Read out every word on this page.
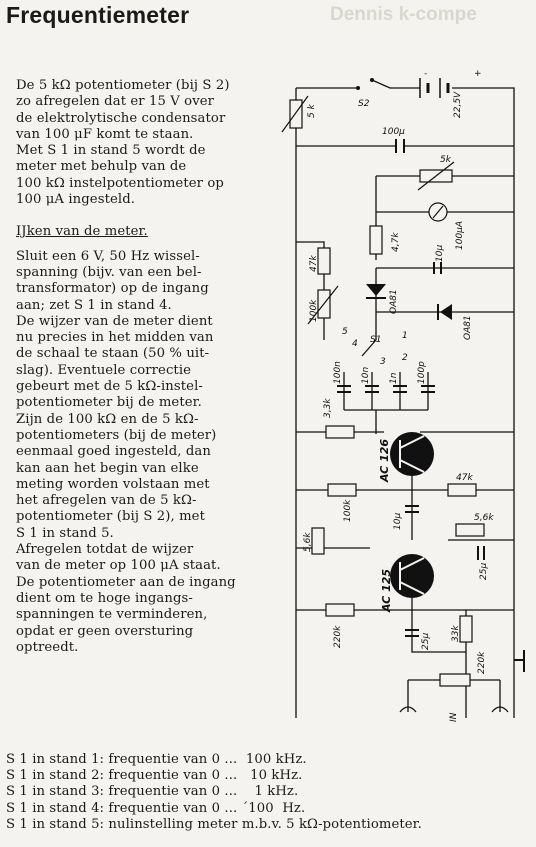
Frequentiemeter	Dennis k-compe

De 5 kΩ potentiometer (bij S 2)
zo afregelen dat er 15 V over
de elektrolytische condensator
van 100 μF komt te staan.
Met S 1 in stand 5 wordt de
meter met behulp van de
100 kΩ instelpotentiometer op
100 μA ingesteld.

IJken van de meter.

Sluit een 6 V, 50 Hz wissel-
spanning (bijv. van een bel-
transformator) op de ingang
aan; zet S 1 in stand 4.
De wijzer van de meter dient
nu precies in het midden van
de schaal te staan (50 % uit-
slag). Eventuele correctie
gebeurt met de 5 kΩ-instel-
potentiometer bij de meter.
Zijn de 100 kΩ en de 5 kΩ-
potentiometers (bij de meter)
eenmaal goed ingesteld, dan
kan aan het begin van elke
meting worden volstaan met
het afregelen van de 5 kΩ-
potentiometer (bij S 2), met
S 1 in stand 5.
Afregelen totdat de wijzer
van de meter op 100 μA staat.
De potentiometer aan de ingang
dient om te hoge ingangs-
spanningen te verminderen,
opdat er geen oversturing
optreedt.

S2
-	+
22,5V
5 k
100µ
5k
100µA
4,7k
10µ
OA81
OA81
47k
100k
5
4 S1 1
2
3
100n 10n 1n 100p
3,3k
AC 126
100k
47k
10µ
5,6k
5,6k
25µ
AC 125
220k	25µ 33k
220k
IN
S 1 in stand 1: frequentie van 0 ...  100 kHz.
S 1 in stand 2: frequentie van 0 ...   10 kHz.
S 1 in stand 3: frequentie van 0 ...    1 kHz.
S 1 in stand 4: frequentie van 0 ... ´100  Hz.
S 1 in stand 5: nulinstelling meter m.b.v. 5 kΩ-potentiometer.
